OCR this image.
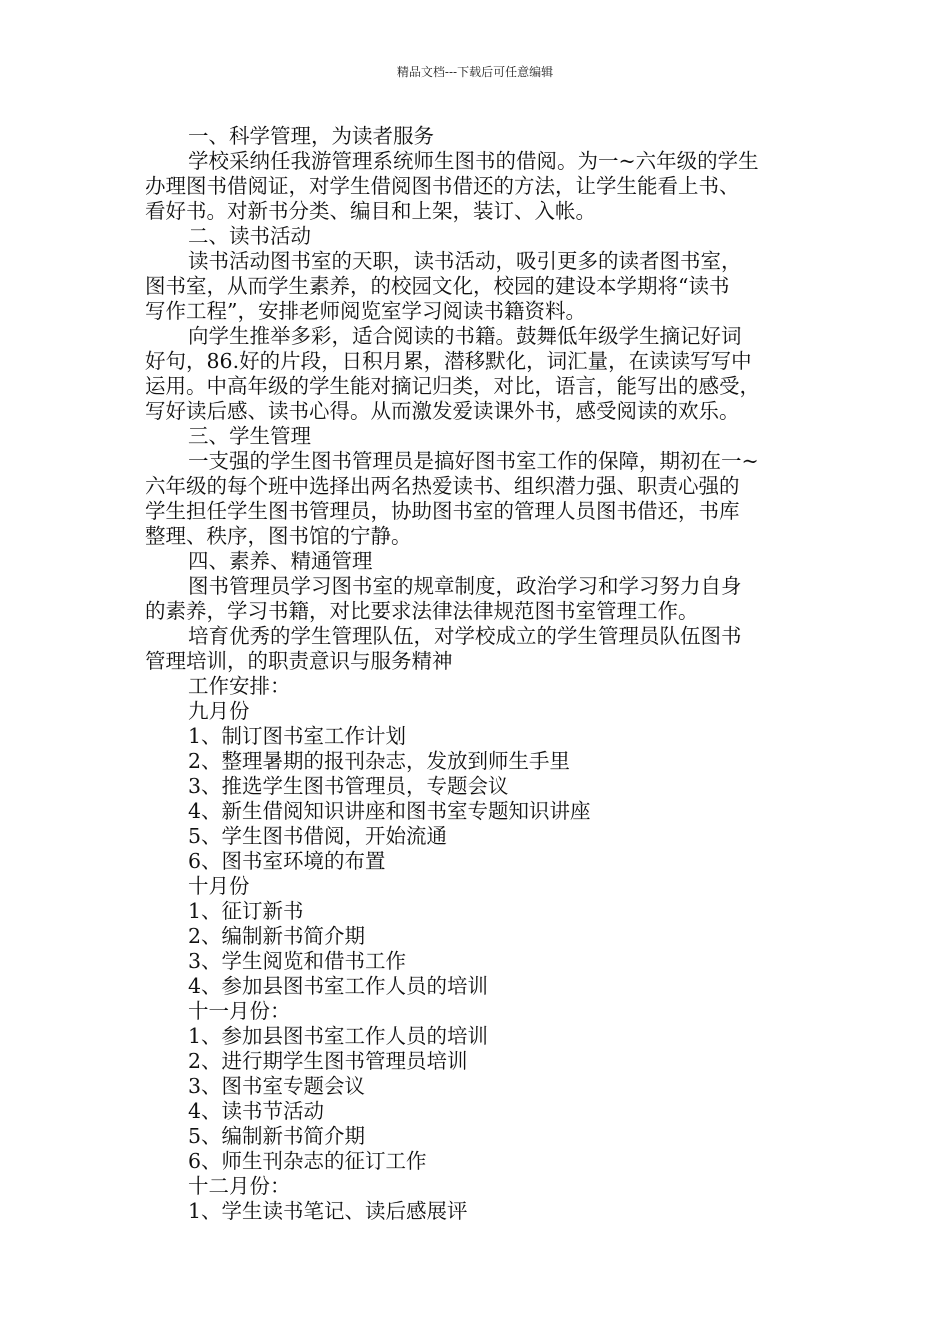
精品文档---下载后可任意编辑
一、科学管理，为读者服务
学校采纳任我游管理系统师生图书的借阅。为一~六年级的学生
办理图书借阅证，对学生借阅图书借还的方法，让学生能看上书、
看好书。对新书分类、编目和上架，装订、入帐。
二、读书活动
读书活动图书室的天职，读书活动，吸引更多的读者图书室，
图书室，从而学生素养，的校园文化，校园的建设本学期将“读书
写作工程”，安排老师阅览室学习阅读书籍资料。
向学生推举多彩，适合阅读的书籍。鼓舞低年级学生摘记好词
好句，86.好的片段，日积月累，潜移默化，词汇量，在读读写写中
运用。中高年级的学生能对摘记归类，对比，语言，能写出的感受，
写好读后感、读书心得。从而激发爱读课外书，感受阅读的欢乐。
三、学生管理
一支强的学生图书管理员是搞好图书室工作的保障，期初在一~
六年级的每个班中选择出两名热爱读书、组织潜力强、职责心强的
学生担任学生图书管理员，协助图书室的管理人员图书借还，书库
整理、秩序，图书馆的宁静。
四、素养、精通管理
图书管理员学习图书室的规章制度，政治学习和学习努力自身
的素养，学习书籍，对比要求法律法律规范图书室管理工作。
培育优秀的学生管理队伍，对学校成立的学生管理员队伍图书
管理培训，的职责意识与服务精神
工作安排：
九月份
1、制订图书室工作计划
2、整理暑期的报刊杂志，发放到师生手里
3、推选学生图书管理员，专题会议
4、新生借阅知识讲座和图书室专题知识讲座
5、学生图书借阅，开始流通
6、图书室环境的布置
十月份
1、征订新书
2、编制新书简介期
3、学生阅览和借书工作
4、参加县图书室工作人员的培训
十一月份：
1、参加县图书室工作人员的培训
2、进行期学生图书管理员培训
3、图书室专题会议
4、读书节活动
5、编制新书简介期
6、师生刊杂志的征订工作
十二月份：
1、学生读书笔记、读后感展评
